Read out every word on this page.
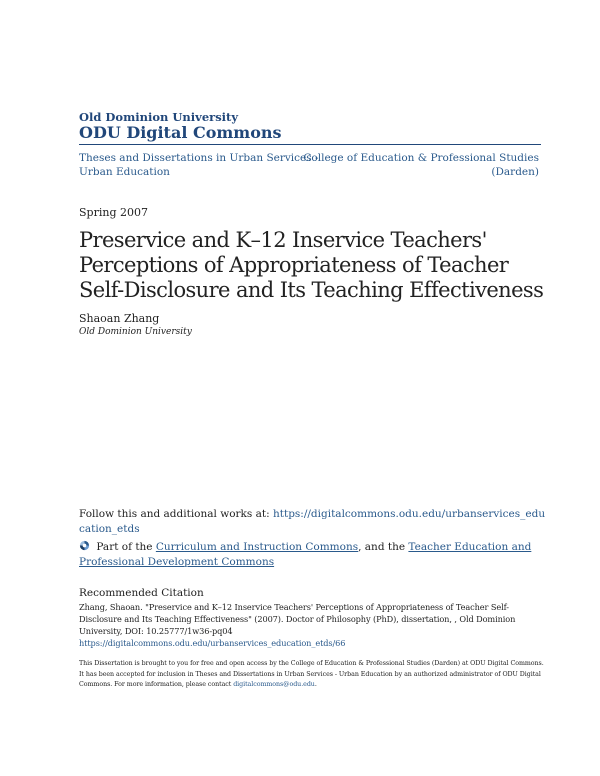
Old Dominion University
ODU Digital Commons
Theses and Dissertations in Urban Services - Urban Education
College of Education & Professional Studies (Darden)
Spring 2007
Preservice and K–12 Inservice Teachers' Perceptions of Appropriateness of Teacher Self-Disclosure and Its Teaching Effectiveness
Shaoan Zhang
Old Dominion University
Follow this and additional works at: https://digitalcommons.odu.edu/urbanservices_education_etds
Part of the Curriculum and Instruction Commons, and the Teacher Education and Professional Development Commons
Recommended Citation
Zhang, Shaoan. "Preservice and K–12 Inservice Teachers' Perceptions of Appropriateness of Teacher Self-Disclosure and Its Teaching Effectiveness" (2007). Doctor of Philosophy (PhD), dissertation, , Old Dominion University, DOI: 10.25777/1w36-pq04
https://digitalcommons.odu.edu/urbanservices_education_etds/66
This Dissertation is brought to you for free and open access by the College of Education & Professional Studies (Darden) at ODU Digital Commons. It has been accepted for inclusion in Theses and Dissertations in Urban Services - Urban Education by an authorized administrator of ODU Digital Commons. For more information, please contact digitalcommons@odu.edu.
